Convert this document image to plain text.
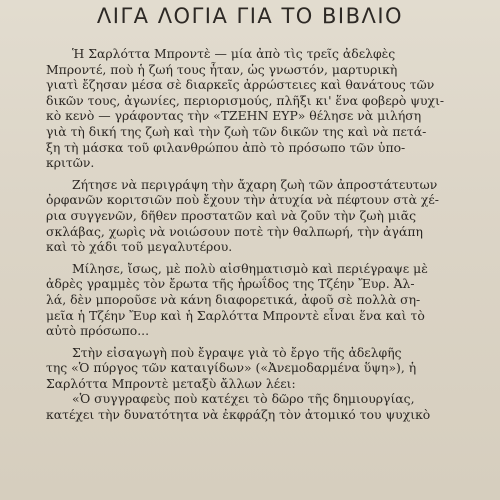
ΛΙΓΑ ΛΟΓΙΑ ΓΙΑ ΤΟ ΒΙΒΛΙΟ
Ἡ Σαρλόττα Μπροντὲ — μία ἀπὸ τὶς τρεῖς ἀδελφὲς
Μπροντέ, ποὺ ἡ ζωή τους ἦταν, ὡς γνωστόν, μαρτυρικὴ
γιατὶ ἔζησαν μέσα σὲ διαρκεῖς ἀρρώστειες καὶ θανάτους τῶν
δικῶν τους, ἀγωνίες, περιορισμούς, πλῆξι κι' ἕνα φοβερὸ ψυχι-
κὸ κενὸ — γράφοντας τὴν «ΤΖΕΗΝ ΕΥΡ» θέλησε νὰ μιλήση
γιὰ τὴ δική της ζωὴ καὶ τὴν ζωὴ τῶν δικῶν της καὶ νὰ πετά-
ξη τὴ μάσκα τοῦ φιλανθρώπου ἀπὸ τὸ πρόσωπο τῶν ὑπο-
κριτῶν.
Ζήτησε νὰ περιγράψη τὴν ἄχαρη ζωὴ τῶν ἀπροστάτευτων
ὀρφανῶν κοριτσιῶν ποὺ ἔχουν τὴν ἀτυχία νὰ πέφτουν στὰ χέ-
ρια συγγενῶν, δῆθεν προστατῶν καὶ νὰ ζοῦν τὴν ζωὴ μιᾶς
σκλάβας, χωρὶς νὰ νοιώσουν ποτὲ τὴν θαλπωρή, τὴν ἀγάπη
καὶ τὸ χάδι τοῦ μεγαλυτέρου.
Μίλησε, ἴσως, μὲ πολὺ αἰσθηματισμὸ καὶ περιέγραψε μὲ
ἀδρὲς γραμμὲς τὸν ἔρωτα τῆς ἡρωΐδος της Τζέην Ἔυρ. Ἀλ-
λά, δὲν μποροῦσε νὰ κάνη διαφορετικά, ἀφοῦ σὲ πολλὰ ση-
μεῖα ἡ Τζέην Ἔυρ καὶ ἡ Σαρλόττα Μπροντὲ εἶναι ἕνα καὶ τὸ
αὐτὸ πρόσωπο...
Στὴν εἰσαγωγὴ ποὺ ἔγραψε γιὰ τὸ ἔργο τῆς ἀδελφῆς
της «Ὁ πύργος τῶν καταιγίδων» («Ἀνεμοδαρμένα ὕψη»), ἡ
Σαρλόττα Μπροντὲ μεταξὺ ἄλλων λέει:
«Ὁ συγγραφεὺς ποὺ κατέχει τὸ δῶρο τῆς δημιουργίας,
κατέχει τὴν δυνατότητα νὰ ἐκφράζη τὸν ἀτομικό του ψυχικὸ
